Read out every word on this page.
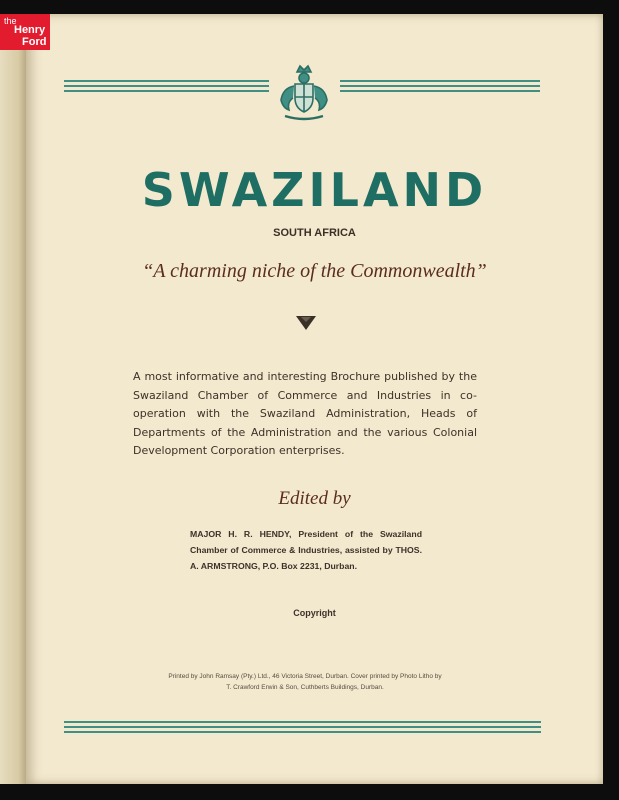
the
Henry
Ford
SWAZILAND
SOUTH AFRICA
“A charming niche of the Commonwealth”
A most informative and interesting Brochure published by the Swaziland Chamber of Commerce and Industries in co-operation with the Swaziland Administration, Heads of Departments of the Administration and the various Colonial Development Corporation enterprises.
Edited by
MAJOR H. R. HENDY, President of the Swaziland Chamber of Commerce & Industries, assisted by THOS. A. ARMSTRONG, P.O. Box 2231, Durban.
Copyright
Printed by John Ramsay (Pty.) Ltd., 46 Victoria Street, Durban. Cover printed by Photo Litho by
T. Crawford Erwin & Son, Cuthberts Buildings, Durban.
